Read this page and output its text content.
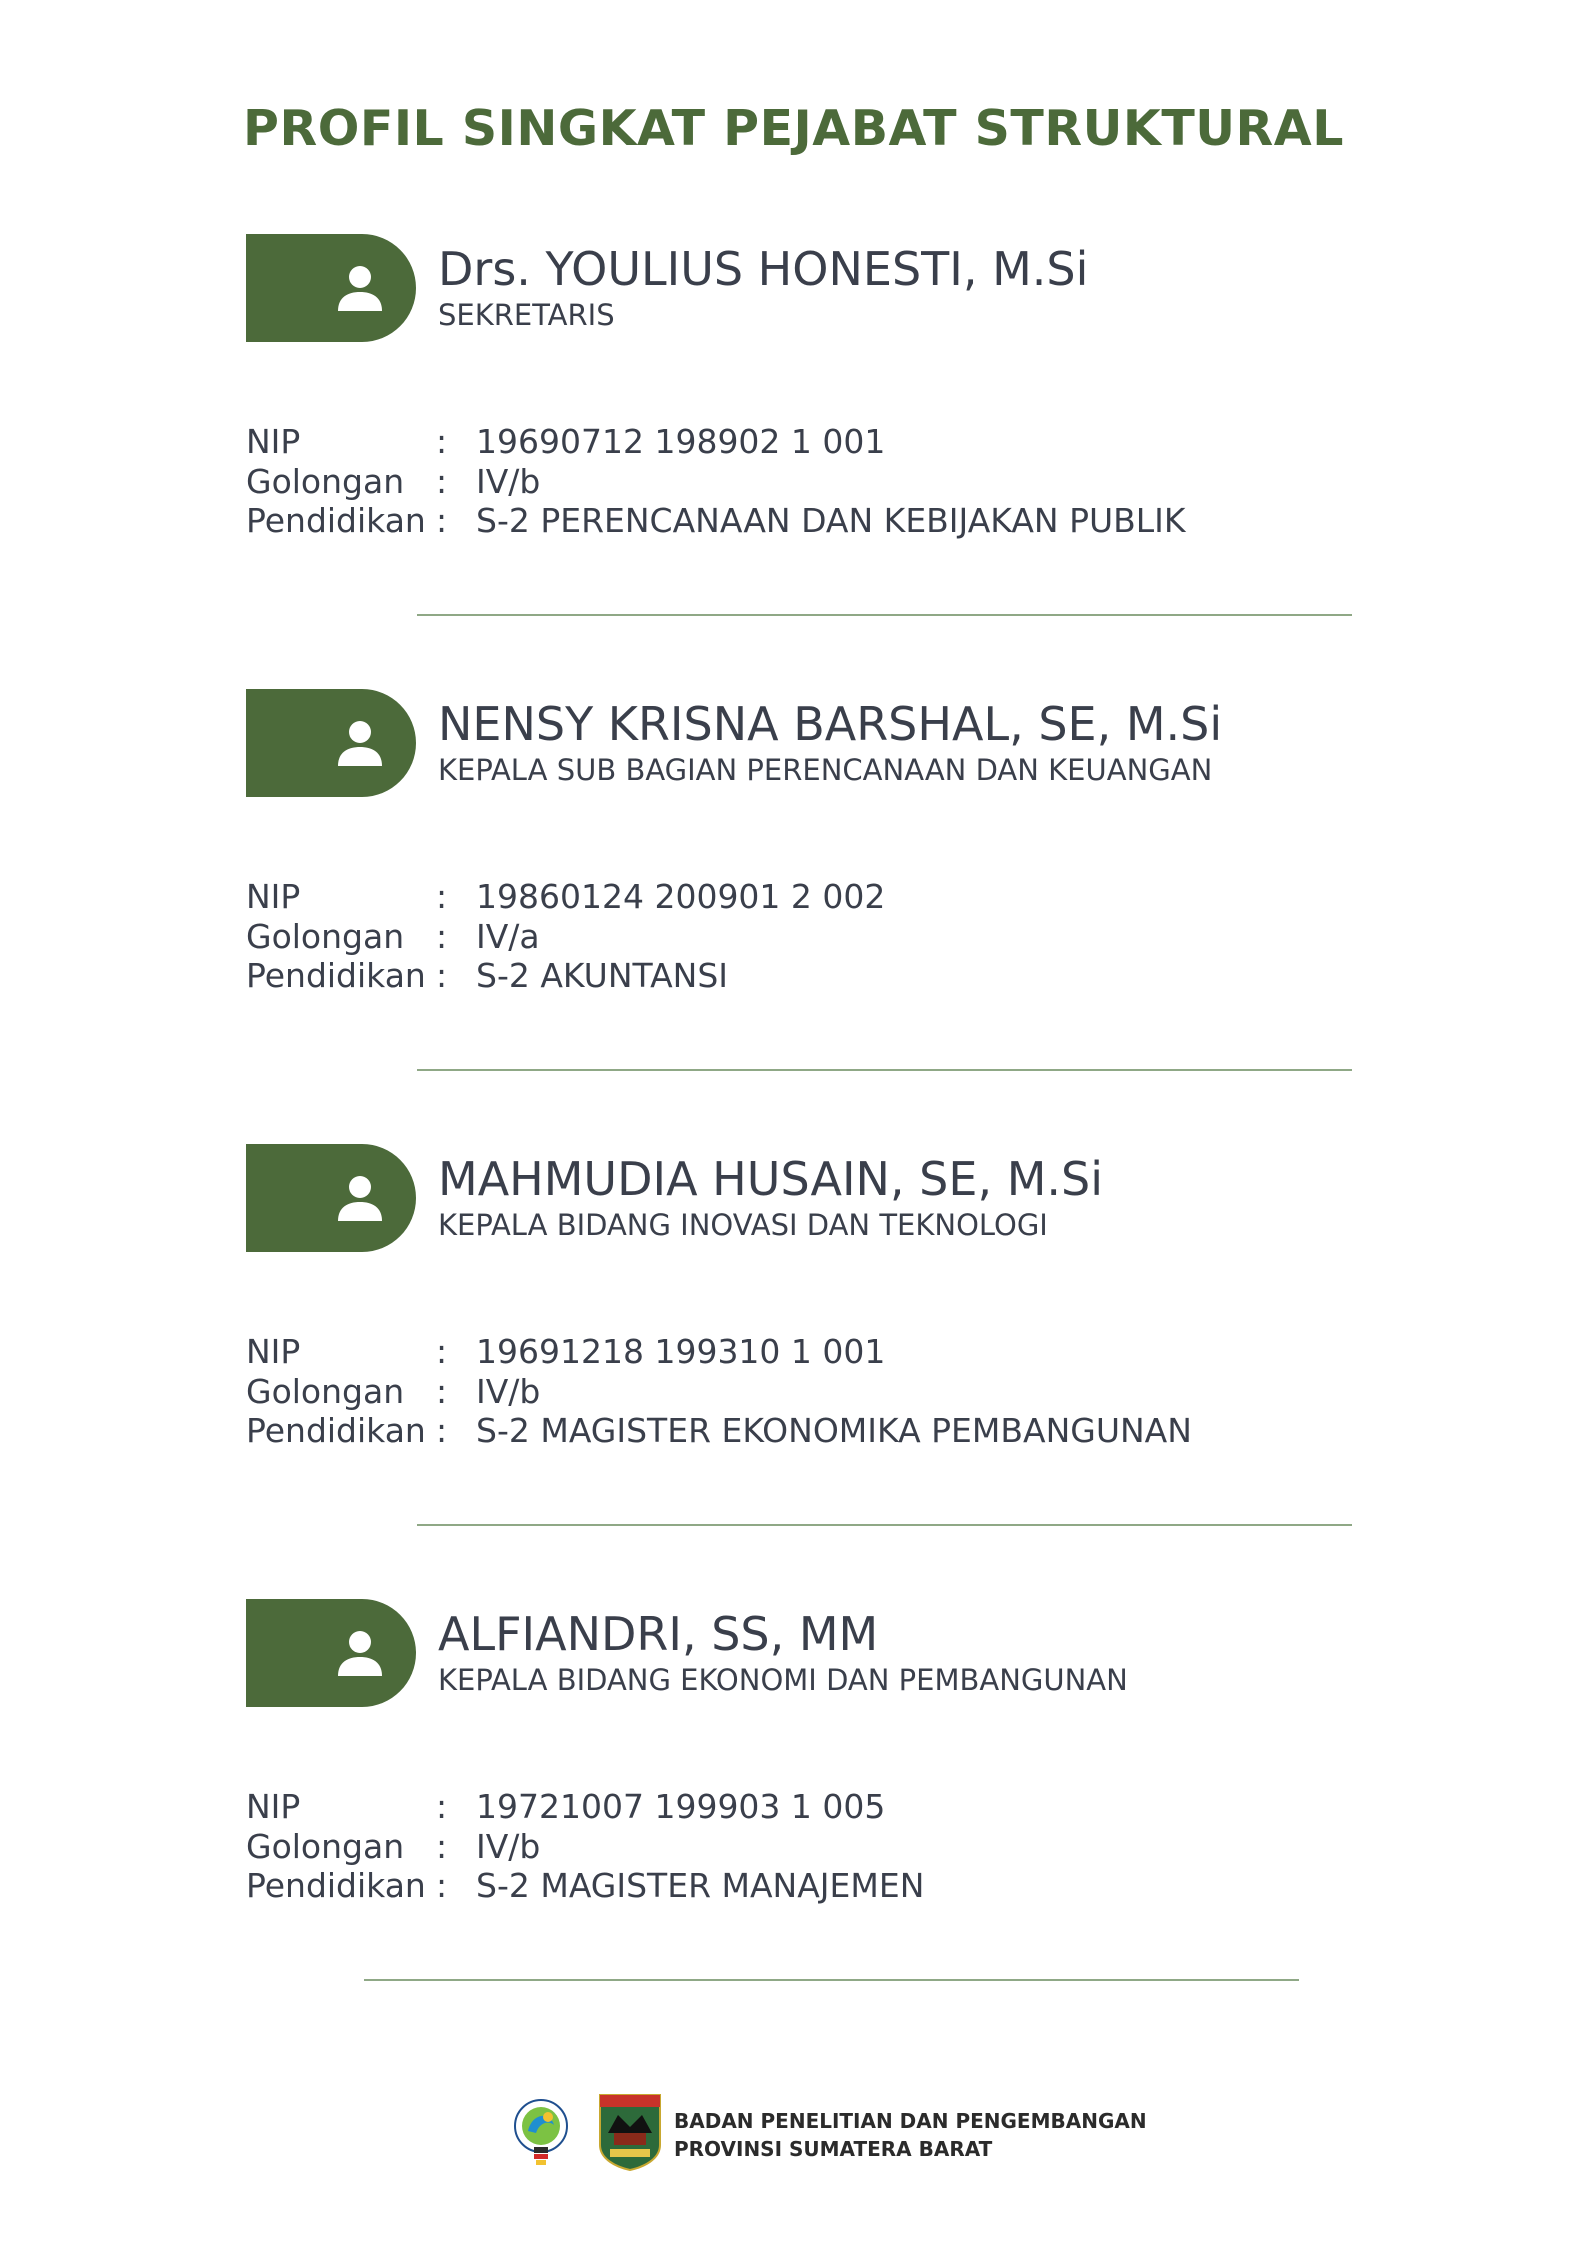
PROFIL SINGKAT PEJABAT STRUKTURAL
Drs. YOULIUS HONESTI, M.Si
SEKRETARIS
NIP	: 19690712 198902 1 001
Golongan : IV/b
Pendidikan : S-2 PERENCANAAN DAN KEBIJAKAN PUBLIK
NENSY KRISNA BARSHAL, SE, M.Si
KEPALA SUB BAGIAN PERENCANAAN DAN KEUANGAN
NIP	: 19860124 200901 2 002
Golongan : IV/a
Pendidikan : S-2 AKUNTANSI
MAHMUDIA HUSAIN, SE, M.Si
KEPALA BIDANG INOVASI DAN TEKNOLOGI
NIP	: 19691218 199310 1 001
Golongan : IV/b
Pendidikan : S-2 MAGISTER EKONOMIKA PEMBANGUNAN
ALFIANDRI, SS, MM
KEPALA BIDANG EKONOMI DAN PEMBANGUNAN
NIP	: 19721007 199903 1 005
Golongan : IV/b
Pendidikan : S-2 MAGISTER MANAJEMEN
BADAN PENELITIAN DAN PENGEMBANGAN
PROVINSI SUMATERA BARAT
